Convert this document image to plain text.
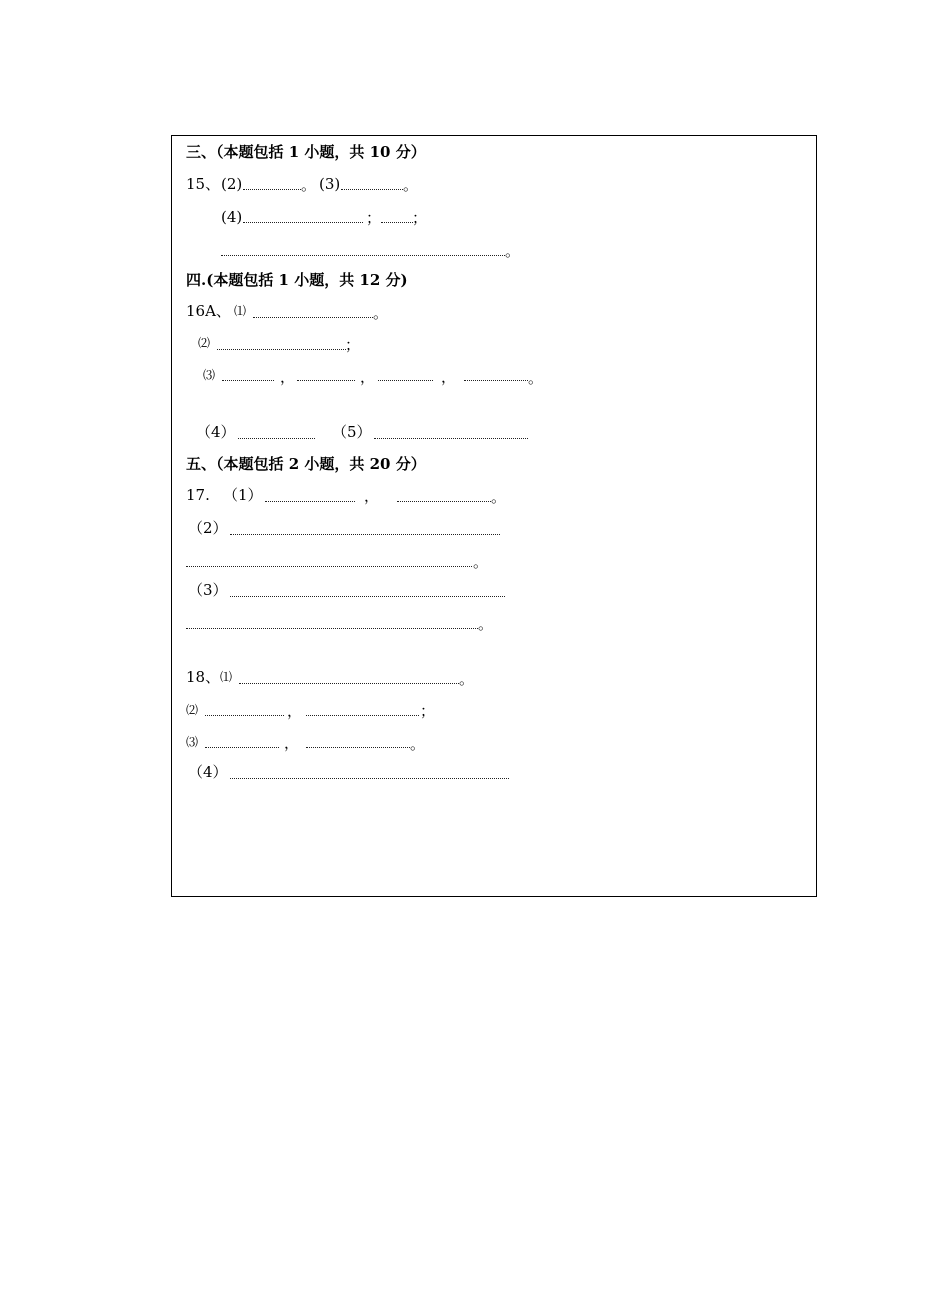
三、（本题包括 1 小题，共 10 分）
15、 (2)	。 (3)	。
(4)	； ；
。
四.(本题包括 1 小题，共 12 分)
16A、 ⑴	。
⑵	；
⑶	，	，	，	。
（4）	（5）
五、（本题包括 2 小题，共 20 分）
17. （1）	，	。
（2）
。
（3）
。
18、 ⑴	。
⑵	，	；
⑶	，	。
（4）
